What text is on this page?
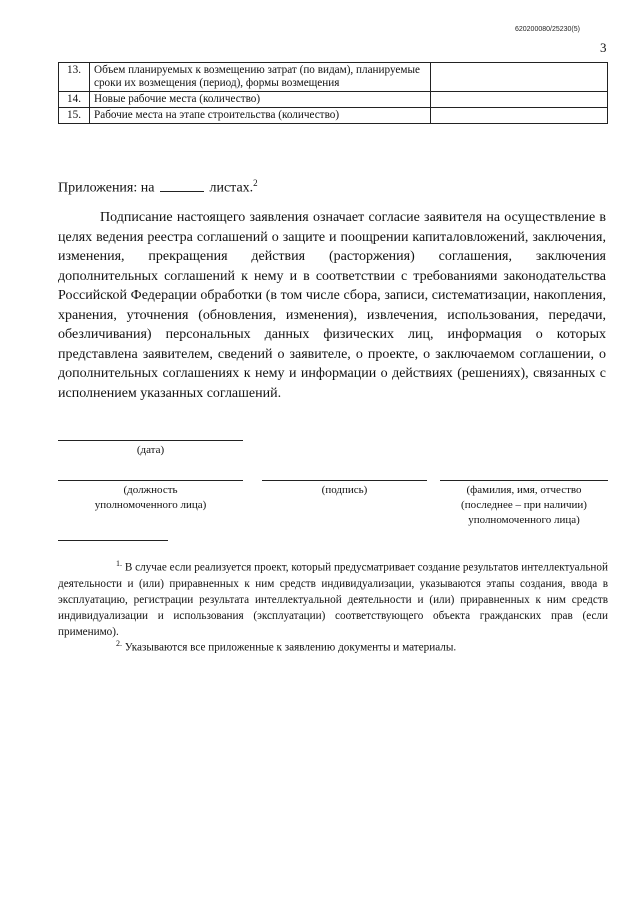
620200080/25230(5)
3
13.	Объем планируемых к возмещению затрат (по видам), планируемые сроки их возмещения (период), формы возмещения	
14.	Новые рабочие места (количество)	
15.	Рабочие места на этапе строительства (количество)	
Приложения: на	листах.$^2$

Подписание настоящего заявления означает согласие заявителя на осуществление в целях ведения реестра соглашений о защите и поощрении капиталовложений, заключения, изменения, прекращения действия (расторжения) соглашения, заключения дополнительных соглашений к нему и в соответствии с требованиями законодательства Российской Федерации обработки (в том числе сбора, записи, систематизации, накопления, хранения, уточнения (обновления, изменения), извлечения, использования, передачи, обезличивания) персональных данных физических лиц, информация о которых представлена заявителем, сведений о заявителе, о проекте, о заключаемом соглашении, о дополнительных соглашениях к нему и информации о действиях (решениях), связанных с исполнением указанных соглашений.

(дата)
(должность
уполномоченного лица)
(подпись)	(фамилия, имя, отчество
(последнее – при наличии)
уполномоченного лица)

$^{1.}$ В случае если реализуется проект, который предусматривает создание результатов интеллектуальной деятельности и (или) приравненных к ним средств индивидуализации, указываются этапы создания, ввода в эксплуатацию, регистрации результата интеллектуальной деятельности и (или) приравненных к ним средств индивидуализации и использования (эксплуатации) соответствующего объекта гражданских прав (если применимо).

$^{2.}$ Указываются все приложенные к заявлению документы и материалы.
